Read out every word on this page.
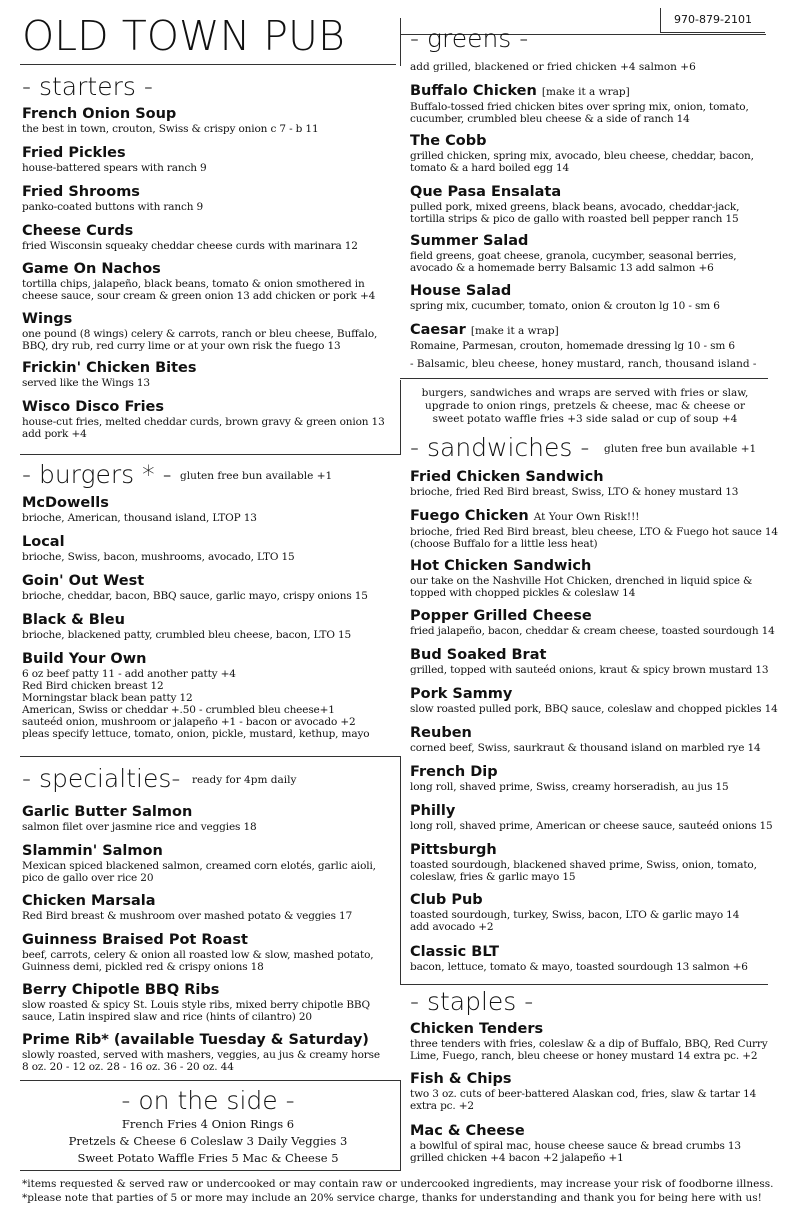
OLD TOWN PUB	970-879-2101
- starters -
French Onion Soup
the best in town, crouton, Swiss & crispy onion c 7 - b 11
Fried Pickles
house-battered spears with ranch 9
Fried Shrooms
panko-coated buttons with ranch 9
Cheese Curds
fried Wisconsin squeaky cheddar cheese curds with marinara 12
Game On Nachos
tortilla chips, jalapeño, black beans, tomato & onion smothered in
cheese sauce, sour cream & green onion 13 add chicken or pork +4
Wings
one pound (8 wings) celery & carrots, ranch or bleu cheese, Buffalo,
BBQ, dry rub, red curry lime or at your own risk the fuego 13
Frickin' Chicken Bites
served like the Wings 13
Wisco Disco Fries
house-cut fries, melted cheddar curds, brown gravy & green onion 13
add pork +4
- burgers * - gluten free bun available +1
McDowells
brioche, American, thousand island, LTOP 13
Local
brioche, Swiss, bacon, mushrooms, avocado, LTO 15
Goin' Out West
brioche, cheddar, bacon, BBQ sauce, garlic mayo, crispy onions 15
Black & Bleu
brioche, blackened patty, crumbled bleu cheese, bacon, LTO 15
Build Your Own
6 oz beef patty 11 - add another patty +4
Red Bird chicken breast 12
Morningstar black bean patty 12
American, Swiss or cheddar +.50 - crumbled bleu cheese+1
sauteéd onion, mushroom or jalapeño +1 - bacon or avocado +2
pleas specify lettuce, tomato, onion, pickle, mustard, kethup, mayo
- specialties- ready for 4pm daily
Garlic Butter Salmon
salmon filet over jasmine rice and veggies 18
Slammin' Salmon
Mexican spiced blackened salmon, creamed corn elotés, garlic aioli,
pico de gallo over rice 20
Chicken Marsala
Red Bird breast & mushroom over mashed potato & veggies 17
Guinness Braised Pot Roast
beef, carrots, celery & onion all roasted low & slow, mashed potato,
Guinness demi, pickled red & crispy onions 18
Berry Chipotle BBQ Ribs
slow roasted & spicy St. Louis style ribs, mixed berry chipotle BBQ
sauce, Latin inspired slaw and rice (hints of cilantro) 20
Prime Rib* (available Tuesday & Saturday)
slowly roasted, served with mashers, veggies, au jus & creamy horse
8 oz. 20 - 12 oz. 28 - 16 oz. 36 - 20 oz. 44
- on the side -
French Fries 4 Onion Rings 6
Pretzels & Cheese 6 Coleslaw 3 Daily Veggies 3
Sweet Potato Waffle Fries 5 Mac & Cheese 5
- greens -
add grilled, blackened or fried chicken +4 salmon +6
Buffalo Chicken [make it a wrap]
Buffalo-tossed fried chicken bites over spring mix, onion, tomato,
cucumber, crumbled bleu cheese & a side of ranch 14
The Cobb
grilled chicken, spring mix, avocado, bleu cheese, cheddar, bacon,
tomato & a hard boiled egg 14
Que Pasa Ensalata
pulled pork, mixed greens, black beans, avocado, cheddar-jack,
tortilla strips & pico de gallo with roasted bell pepper ranch 15
Summer Salad
field greens, goat cheese, granola, cucymber, seasonal berries,
avocado & a homemade berry Balsamic 13 add salmon +6
House Salad
spring mix, cucumber, tomato, onion & crouton lg 10 - sm 6
Caesar [make it a wrap]
Romaine, Parmesan, crouton, homemade dressing lg 10 - sm 6
- Balsamic, bleu cheese, honey mustard, ranch, thousand island -
burgers, sandwiches and wraps are served with fries or slaw,
upgrade to onion rings, pretzels & cheese, mac & cheese or
sweet potato waffle fries +3 side salad or cup of soup +4
- sandwiches - gluten free bun available +1
Fried Chicken Sandwich
brioche, fried Red Bird breast, Swiss, LTO & honey mustard 13
Fuego Chicken At Your Own Risk!!!
brioche, fried Red Bird breast, bleu cheese, LTO & Fuego hot sauce 14
(choose Buffalo for a little less heat)
Hot Chicken Sandwich
our take on the Nashville Hot Chicken, drenched in liquid spice &
topped with chopped pickles & coleslaw 14
Popper Grilled Cheese
fried jalapeño, bacon, cheddar & cream cheese, toasted sourdough 14
Bud Soaked Brat
grilled, topped with sauteéd onions, kraut & spicy brown mustard 13
Pork Sammy
slow roasted pulled pork, BBQ sauce, coleslaw and chopped pickles 14
Reuben
corned beef, Swiss, saurkraut & thousand island on marbled rye 14
French Dip
long roll, shaved prime, Swiss, creamy horseradish, au jus 15
Philly
long roll, shaved prime, American or cheese sauce, sauteéd onions 15
Pittsburgh
toasted sourdough, blackened shaved prime, Swiss, onion, tomato,
coleslaw, fries & garlic mayo 15
Club Pub
toasted sourdough, turkey, Swiss, bacon, LTO & garlic mayo 14
add avocado +2
Classic BLT
bacon, lettuce, tomato & mayo, toasted sourdough 13 salmon +6
- staples -
Chicken Tenders
three tenders with fries, coleslaw & a dip of Buffalo, BBQ, Red Curry
Lime, Fuego, ranch, bleu cheese or honey mustard 14 extra pc. +2
Fish & Chips
two 3 oz. cuts of beer-battered Alaskan cod, fries, slaw & tartar 14
extra pc. +2
Mac & Cheese
a bowlful of spiral mac, house cheese sauce & bread crumbs 13
grilled chicken +4 bacon +2 jalapeño +1
*items requested & served raw or undercooked or may contain raw or undercooked ingredients, may increase your risk of foodborne illness.
*please note that parties of 5 or more may include an 20% service charge, thanks for understanding and thank you for being here with us!
